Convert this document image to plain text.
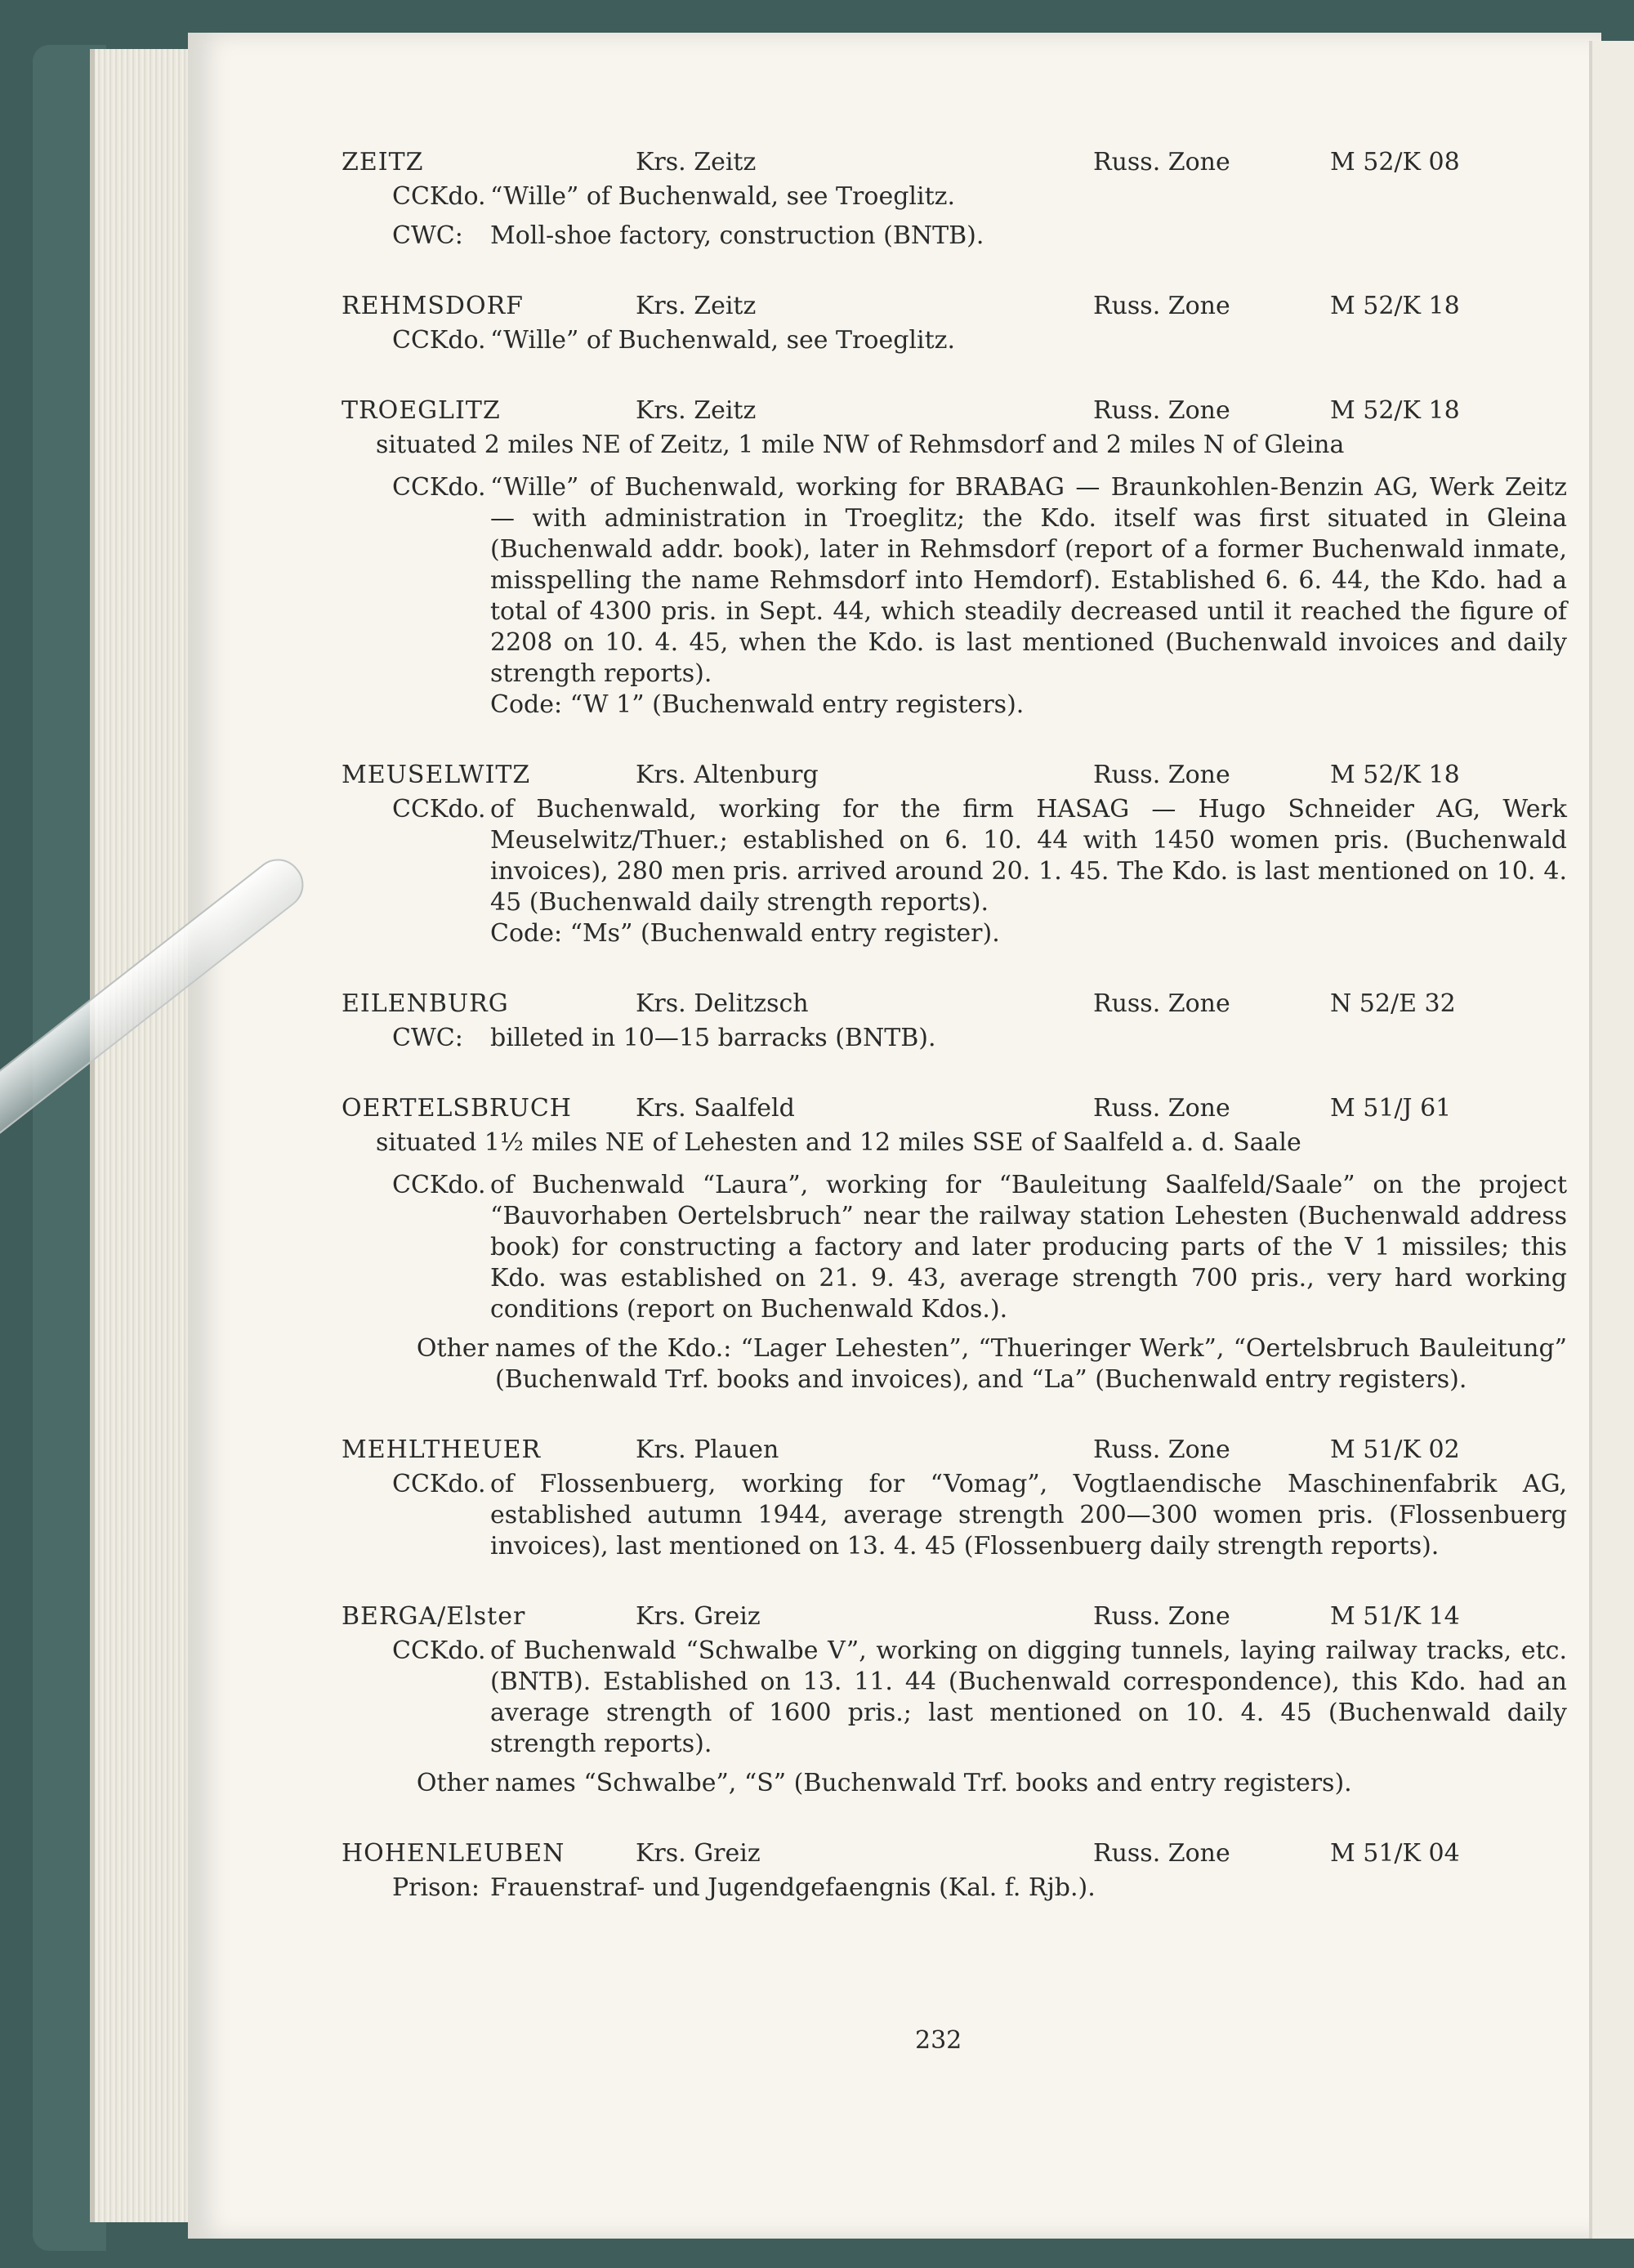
ZEITZ	Krs. Zeitz	Russ. Zone	M 52/K 08
CCKdo. “Wille” of Buchenwald, see Troeglitz.
CWC:	Moll-shoe factory, construction (BNTB).
REHMSDORF	Krs. Zeitz	Russ. Zone	M 52/K 18
CCKdo. “Wille” of Buchenwald, see Troeglitz.
TROEGLITZ	Krs. Zeitz	Russ. Zone	M 52/K 18
situated 2 miles NE of Zeitz, 1 mile NW of Rehmsdorf and 2 miles N of Gleina
CCKdo. “Wille” of Buchenwald, working for BRABAG — Braunkohlen-Benzin AG, Werk Zeitz — with administration in Troeglitz; the Kdo. itself was first situated in Gleina (Buchenwald addr. book), later in Rehmsdorf (report of a former Buchenwald inmate, misspelling the name Rehmsdorf into Hemdorf). Established 6. 6. 44, the Kdo. had a total of 4300 pris. in Sept. 44, which steadily decreased until it reached the figure of 2208 on 10. 4. 45, when the Kdo. is last mentioned (Buchenwald invoices and daily strength reports).
Code: “W 1” (Buchenwald entry registers).
MEUSELWITZ	Krs. Altenburg	Russ. Zone	M 52/K 18
CCKdo. of Buchenwald, working for the firm HASAG — Hugo Schneider AG, Werk Meuselwitz/Thuer.; established on 6. 10. 44 with 1450 women pris. (Buchenwald invoices), 280 men pris. arrived around 20. 1. 45. The Kdo. is last mentioned on 10. 4. 45 (Buchenwald daily strength reports).
Code: “Ms” (Buchenwald entry register).
EILENBURG	Krs. Delitzsch	Russ. Zone	N 52/E 32
CWC:	billeted in 10—15 barracks (BNTB).
OERTELSBRUCH	Krs. Saalfeld	Russ. Zone	M 51/J 61
situated 1½ miles NE of Lehesten and 12 miles SSE of Saalfeld a. d. Saale
CCKdo. of Buchenwald “Laura”, working for “Bauleitung Saalfeld/Saale” on the project “Bauvorhaben Oertelsbruch” near the railway station Lehesten (Buchenwald address book) for constructing a factory and later producing parts of the V 1 missiles; this Kdo. was established on 21. 9. 43, average strength 700 pris., very hard working conditions (report on Buchenwald Kdos.).
Other names of the Kdo.: “Lager Lehesten”, “Thueringer Werk”, “Oertelsbruch Bauleitung” (Buchenwald Trf. books and invoices), and “La” (Buchenwald entry registers).
MEHLTHEUER	Krs. Plauen	Russ. Zone	M 51/K 02
CCKdo. of Flossenbuerg, working for “Vomag”, Vogtlaendische Maschinenfabrik AG, established autumn 1944, average strength 200—300 women pris. (Flossenbuerg invoices), last mentioned on 13. 4. 45 (Flossenbuerg daily strength reports).
BERGA/Elster	Krs. Greiz	Russ. Zone	M 51/K 14
CCKdo. of Buchenwald “Schwalbe V”, working on digging tunnels, laying railway tracks, etc. (BNTB). Established on 13. 11. 44 (Buchenwald correspondence), this Kdo. had an average strength of 1600 pris.; last mentioned on 10. 4. 45 (Buchenwald daily strength reports).
Other names “Schwalbe”, “S” (Buchenwald Trf. books and entry registers).
HOHENLEUBEN	Krs. Greiz	Russ. Zone	M 51/K 04
Prison: Frauenstraf- und Jugendgefaengnis (Kal. f. Rjb.).
232
